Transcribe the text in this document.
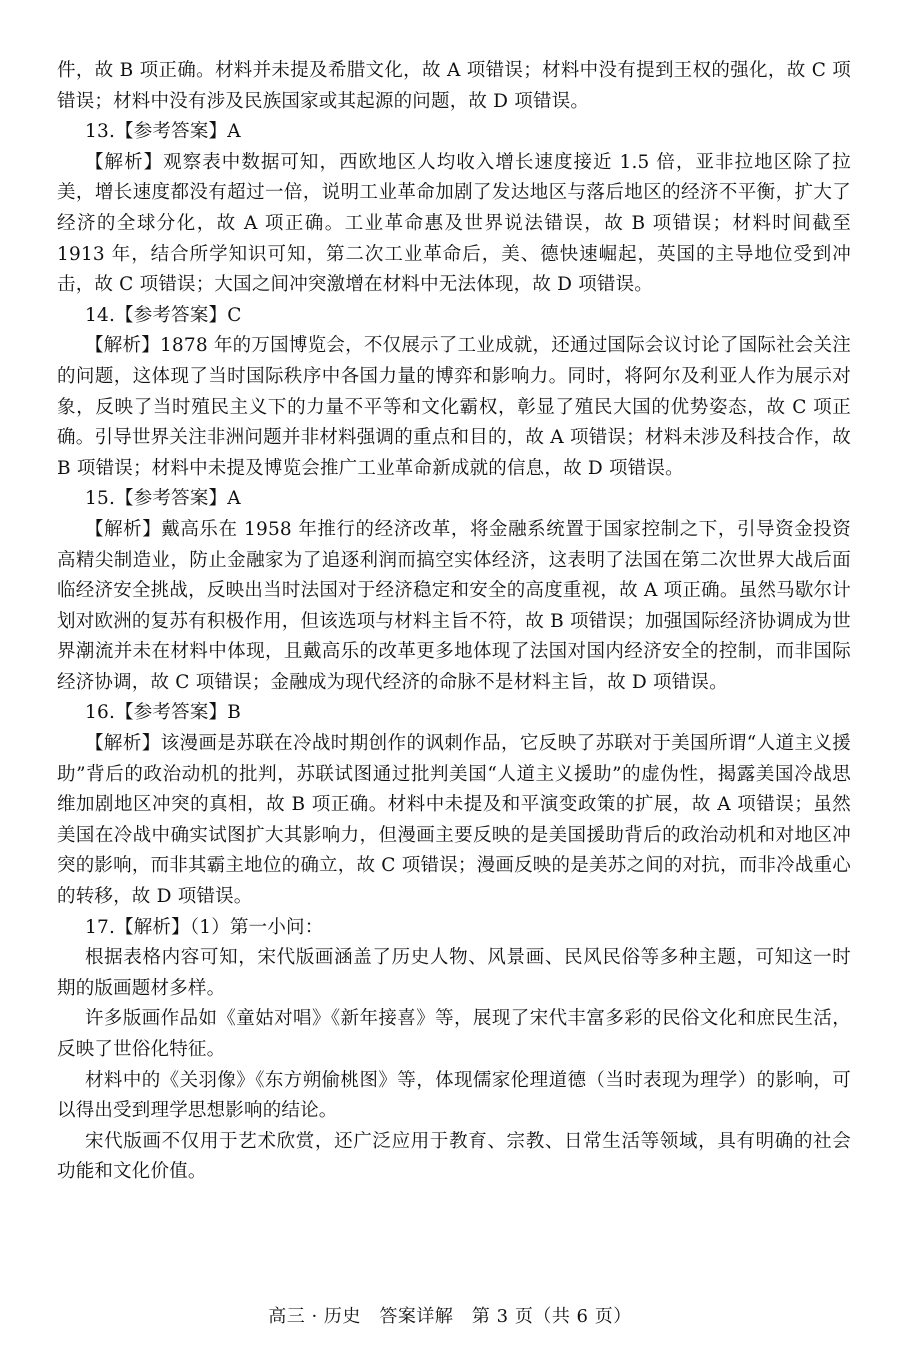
件，故 B 项正确。材料并未提及希腊文化，故 A 项错误；材料中没有提到王权的强化，故 C 项错误；材料中没有涉及民族国家或其起源的问题，故 D 项错误。

13.【参考答案】A

【解析】观察表中数据可知，西欧地区人均收入增长速度接近 1.5 倍，亚非拉地区除了拉美，增长速度都没有超过一倍，说明工业革命加剧了发达地区与落后地区的经济不平衡，扩大了经济的全球分化，故 A 项正确。工业革命惠及世界说法错误，故 B 项错误；材料时间截至 1913 年，结合所学知识可知，第二次工业革命后，美、德快速崛起，英国的主导地位受到冲击，故 C 项错误；大国之间冲突激增在材料中无法体现，故 D 项错误。

14.【参考答案】C

【解析】1878 年的万国博览会，不仅展示了工业成就，还通过国际会议讨论了国际社会关注的问题，这体现了当时国际秩序中各国力量的博弈和影响力。同时，将阿尔及利亚人作为展示对象，反映了当时殖民主义下的力量不平等和文化霸权，彰显了殖民大国的优势姿态，故 C 项正确。引导世界关注非洲问题并非材料强调的重点和目的，故 A 项错误；材料未涉及科技合作，故 B 项错误；材料中未提及博览会推广工业革命新成就的信息，故 D 项错误。

15.【参考答案】A

【解析】戴高乐在 1958 年推行的经济改革，将金融系统置于国家控制之下，引导资金投资高精尖制造业，防止金融家为了追逐利润而搞空实体经济，这表明了法国在第二次世界大战后面临经济安全挑战，反映出当时法国对于经济稳定和安全的高度重视，故 A 项正确。虽然马歇尔计划对欧洲的复苏有积极作用，但该选项与材料主旨不符，故 B 项错误；加强国际经济协调成为世界潮流并未在材料中体现，且戴高乐的改革更多地体现了法国对国内经济安全的控制，而非国际经济协调，故 C 项错误；金融成为现代经济的命脉不是材料主旨，故 D 项错误。

16.【参考答案】B

【解析】该漫画是苏联在冷战时期创作的讽刺作品，它反映了苏联对于美国所谓“人道主义援助”背后的政治动机的批判，苏联试图通过批判美国“人道主义援助”的虚伪性，揭露美国冷战思维加剧地区冲突的真相，故 B 项正确。材料中未提及和平演变政策的扩展，故 A 项错误；虽然美国在冷战中确实试图扩大其影响力，但漫画主要反映的是美国援助背后的政治动机和对地区冲突的影响，而非其霸主地位的确立，故 C 项错误；漫画反映的是美苏之间的对抗，而非冷战重心的转移，故 D 项错误。

17.【解析】（1）第一小问：

根据表格内容可知，宋代版画涵盖了历史人物、风景画、民风民俗等多种主题，可知这一时期的版画题材多样。

许多版画作品如《童姑对唱》《新年接喜》等，展现了宋代丰富多彩的民俗文化和庶民生活，反映了世俗化特征。

材料中的《关羽像》《东方朔偷桃图》等，体现儒家伦理道德（当时表现为理学）的影响，可以得出受到理学思想影响的结论。

宋代版画不仅用于艺术欣赏，还广泛应用于教育、宗教、日常生活等领域，具有明确的社会功能和文化价值。

高三 · 历史　答案详解　第 3 页（共 6 页）
